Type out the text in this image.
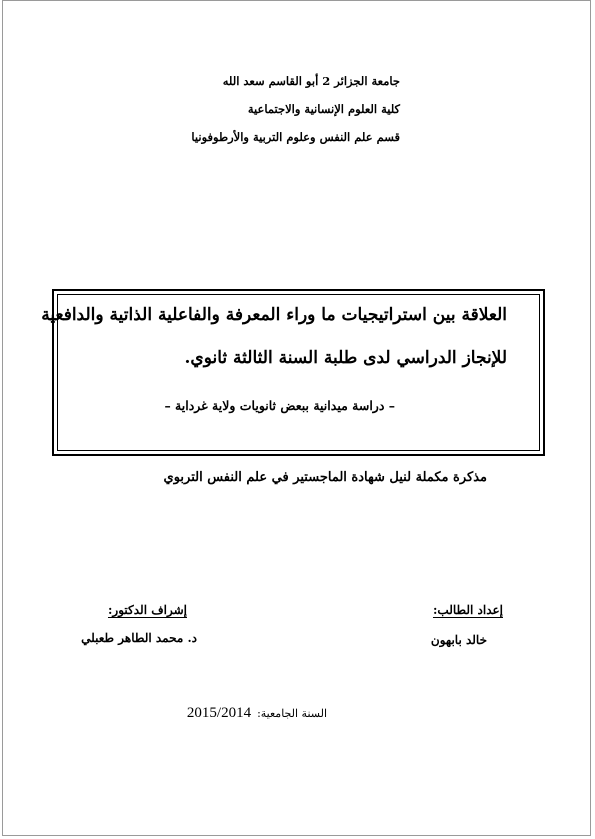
جامعة الجزائر 2 أبو القاسم سعد الله
كلية العلوم الإنسانية والاجتماعية
قسم علم النفس وعلوم التربية والأرطوفونيا
العلاقة بين استراتيجيات ما وراء المعرفة والفاعلية الذاتية والدافعية
للإنجاز الدراسي لدى طلبة السنة الثالثة ثانوي.
– دراسة ميدانية ببعض ثانويات ولاية غرداية –
مذكرة مكملة لنيل شهادة الماجستير في علم النفس التربوي
إعداد الطالب:
إشراف الدكتور:
خالد بابهون
د. محمد الطاهر طعبلي
السنة الجامعية:2015/2014
